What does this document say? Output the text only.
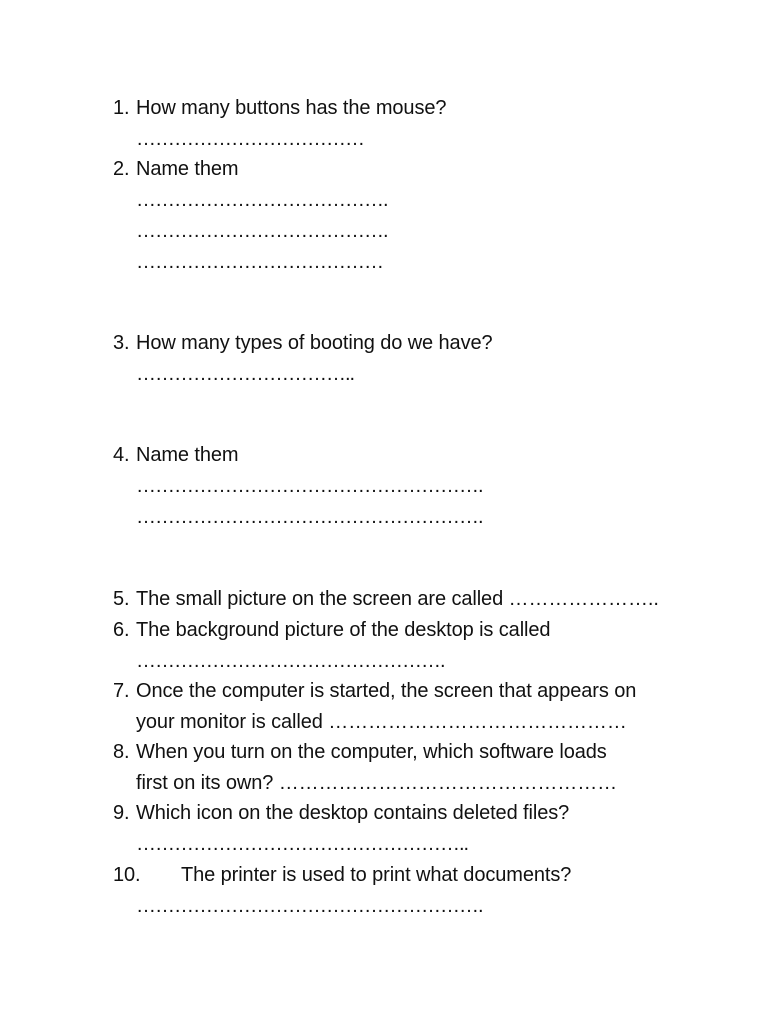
1. How many buttons has the mouse?
………………………………
2. Name them
………………………………….
………………………………….
…………………………………
3. How many types of booting do we have?
……………………………..
4. Name them
……………………………………………….
……………………………………………….
5. The small picture on the screen are called …………………..
6. The background picture of the desktop is called
………………………………………….
7. Once the computer is started, the screen that appears on
your monitor is called ………………………………………
8. When you turn on the computer, which software loads
first on its own? ……………………………………………
9. Which icon on the desktop contains deleted files?
……………………………………………..
10. The printer is used to print what documents?
……………………………………………….
